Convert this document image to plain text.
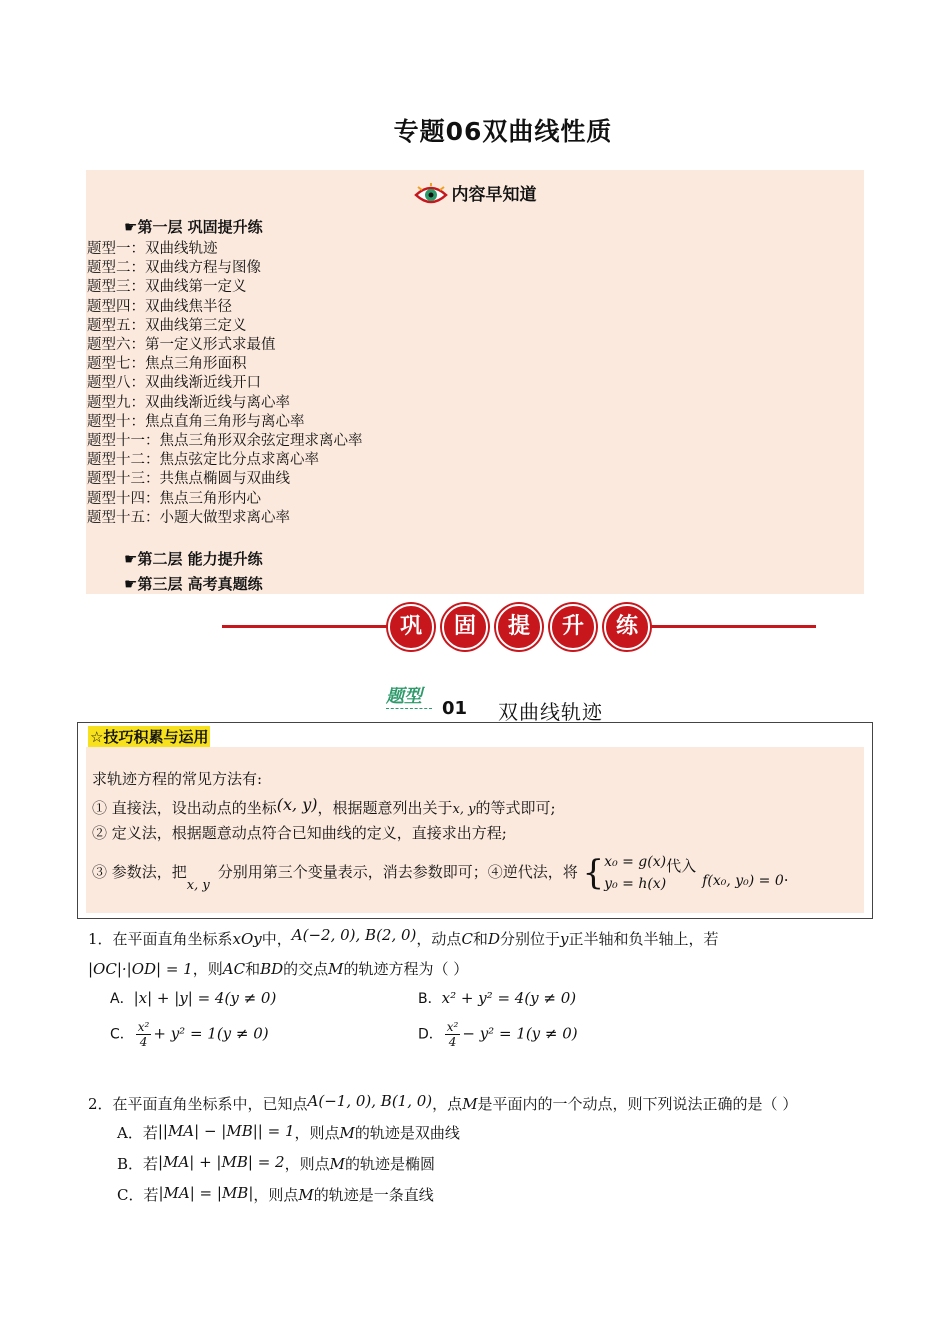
专题06双曲线性质
内容早知道
☛第一层 巩固提升练
题型一：双曲线轨迹
题型二：双曲线方程与图像
题型三：双曲线第一定义
题型四：双曲线焦半径
题型五：双曲线第三定义
题型六：第一定义形式求最值
题型七：焦点三角形面积
题型八：双曲线渐近线开口
题型九：双曲线渐近线与离心率
题型十：焦点直角三角形与离心率
题型十一：焦点三角形双余弦定理求离心率
题型十二：焦点弦定比分点求离心率
题型十三：共焦点椭圆与双曲线
题型十四：焦点三角形内心
题型十五：小题大做型求离心率
☛第二层 能力提升练
☛第三层 高考真题练
巩	固	提	升	练
题型
01 双曲线轨迹
☆技巧积累与运用
求轨迹方程的常见方法有:
① 直接法，设出动点的坐标(x, y)，根据题意列出关于x, y的等式即可;
② 定义法，根据题意动点符合已知曲线的定义，直接求出方程;
③ 参数法，把x, y分别用第三个变量表示，消去参数即可；④逆代法，将 { x₀ = g(x)
y₀ = h(x)
代入f(x₀, y₀) = 0.
1．在平面直角坐标系xOy中，A(−2, 0), B(2, 0)，动点C和D分别位于y正半轴和负半轴上，若
|OC|·|OD| = 1，则AC和BD的交点M的轨迹方程为（ ）
A．|x| + |y| = 4(y ≠ 0)	B．x² + y² = 4(y ≠ 0)
C． $\frac{\text{x²}}{4} + y^2 = 1(y \ne 0)$	D． $\frac{\text{x²}}{4} - y^2 = 1(y \ne 0)$
2．在平面直角坐标系中，已知点A(−1, 0), B(1, 0)，点M是平面内的一个动点，则下列说法正确的是（ ）
A．若||MA| − |MB|| = 1，则点M的轨迹是双曲线
B．若|MA| + |MB| = 2，则点M的轨迹是椭圆
C．若|MA| = |MB|，则点M的轨迹是一条直线
